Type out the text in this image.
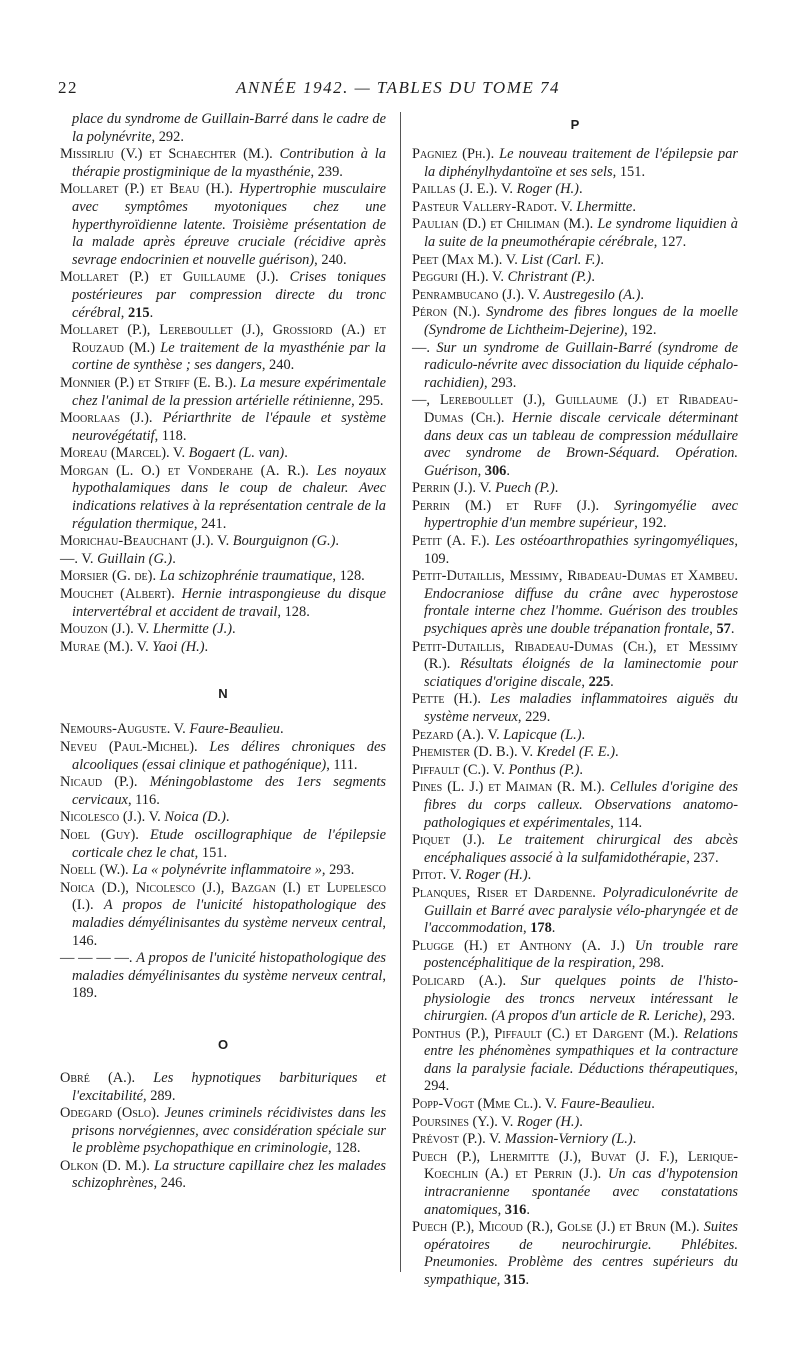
22	ANNÉE 1942. — TABLES DU TOME 74

place du syndrome de Guillain-Barré dans le cadre de la polynévrite, 292.

Missirliu (V.) et Schaechter (M.). Contribution à la thérapie prostigminique de la myasthénie, 239.

Mollaret (P.) et Beau (H.). Hypertrophie musculaire avec symptômes myotoniques chez une hyperthyroïdienne latente. Troisième présentation de la malade après épreuve cruciale (récidive après sevrage endocrinien et nouvelle guérison), 240.

Mollaret (P.) et Guillaume (J.). Crises toniques postérieures par compression directe du tronc cérébral, 215.

Mollaret (P.), Lereboullet (J.), Grossiord (A.) et Rouzaud (M.) Le traitement de la myasthénie par la cortine de synthèse ; ses dangers, 240.

Monnier (P.) et Striff (E. B.). La mesure expérimentale chez l'animal de la pression artérielle rétinienne, 295.

Moorlaas (J.). Périarthrite de l'épaule et système neurovégétatif, 118.

Moreau (Marcel). V. Bogaert (L. van).

Morgan (L. O.) et Vonderahe (A. R.). Les noyaux hypothalamiques dans le coup de chaleur. Avec indications relatives à la représentation centrale de la régulation thermique, 241.

Morichau-Beauchant (J.). V. Bourguignon (G.).

—. V. Guillain (G.).

Morsier (G. de). La schizophrénie traumatique, 128.

Mouchet (Albert). Hernie intraspongieuse du disque intervertébral et accident de travail, 128.

Mouzon (J.). V. Lhermitte (J.).

Murae (M.). V. Yaoi (H.).

N

Nemours-Auguste. V. Faure-Beaulieu.

Neveu (Paul-Michel). Les délires chroniques des alcooliques (essai clinique et pathogénique), 111.

Nicaud (P.). Méningoblastome des 1ers segments cervicaux, 116.

Nicolesco (J.). V. Noica (D.).

Noel (Guy). Etude oscillographique de l'épilepsie corticale chez le chat, 151.

Noell (W.). La « polynévrite inflammatoire », 293.

Noica (D.), Nicolesco (J.), Bazgan (I.) et Lupelesco (I.). A propos de l'unicité histopathologique des maladies démyélinisantes du système nerveux central, 146.

— — — —. A propos de l'unicité histopathologique des maladies démyélinisantes du système nerveux central, 189.

O

Obré (A.). Les hypnotiques barbituriques et l'excitabilité, 289.

Odegard (Oslo). Jeunes criminels récidivistes dans les prisons norvégiennes, avec considération spéciale sur le problème psychopathique en criminologie, 128.

Olkon (D. M.). La structure capillaire chez les malades schizophrènes, 246.

P

Pagniez (Ph.). Le nouveau traitement de l'épilepsie par la diphénylhydantoïne et ses sels, 151.

Paillas (J. E.). V. Roger (H.).

Pasteur Vallery-Radot. V. Lhermitte.

Paulian (D.) et Chiliman (M.). Le syndrome liquidien à la suite de la pneumothérapie cérébrale, 127.

Peet (Max M.). V. List (Carl. F.).

Pegguri (H.). V. Christrant (P.).

Penrambucano (J.). V. Austregesilo (A.).

Péron (N.). Syndrome des fibres longues de la moelle (Syndrome de Lichtheim-Dejerine), 192.

—. Sur un syndrome de Guillain-Barré (syndrome de radiculo-névrite avec dissociation du liquide céphalo-rachidien), 293.

—, Lereboullet (J.), Guillaume (J.) et Ribadeau-Dumas (Ch.). Hernie discale cervicale déterminant dans deux cas un tableau de compression médullaire avec syndrome de Brown-Séquard. Opération. Guérison, 306.

Perrin (J.). V. Puech (P.).

Perrin (M.) et Ruff (J.). Syringomyélie avec hypertrophie d'un membre supérieur, 192.

Petit (A. F.). Les ostéoarthropathies syringomyéliques, 109.

Petit-Dutaillis, Messimy, Ribadeau-Dumas et Xambeu. Endocraniose diffuse du crâne avec hyperostose frontale interne chez l'homme. Guérison des troubles psychiques après une double trépanation frontale, 57.

Petit-Dutaillis, Ribadeau-Dumas (Ch.), et Messimy (R.). Résultats éloignés de la laminectomie pour sciatiques d'origine discale, 225.

Pette (H.). Les maladies inflammatoires aiguës du système nerveux, 229.

Pezard (A.). V. Lapicque (L.).

Phemister (D. B.). V. Kredel (F. E.).

Piffault (C.). V. Ponthus (P.).

Pines (L. J.) et Maiman (R. M.). Cellules d'origine des fibres du corps calleux. Observations anatomo-pathologiques et expérimentales, 114.

Piquet (J.). Le traitement chirurgical des abcès encéphaliques associé à la sulfamidothérapie, 237.

Pitot. V. Roger (H.).

Planques, Riser et Dardenne. Polyradiculonévrite de Guillain et Barré avec paralysie vélo-pharyngée et de l'accommodation, 178.

Plugge (H.) et Anthony (A. J.) Un trouble rare postencéphalitique de la respiration, 298.

Policard (A.). Sur quelques points de l'histo-physiologie des troncs nerveux intéressant le chirurgien. (A propos d'un article de R. Leriche), 293.

Ponthus (P.), Piffault (C.) et Dargent (M.). Relations entre les phénomènes sympathiques et la contracture dans la paralysie faciale. Déductions thérapeutiques, 294.

Popp-Vogt (Mme Cl.). V. Faure-Beaulieu.

Poursines (Y.). V. Roger (H.).

Prévost (P.). V. Massion-Verniory (L.).

Puech (P.), Lhermitte (J.), Buvat (J. F.), Lerique-Koechlin (A.) et Perrin (J.). Un cas d'hypotension intracranienne spontanée avec constatations anatomiques, 316.

Puech (P.), Micoud (R.), Golse (J.) et Brun (M.). Suites opératoires de neurochirurgie. Phlébites. Pneumonies. Problème des centres supérieurs du sympathique, 315.
